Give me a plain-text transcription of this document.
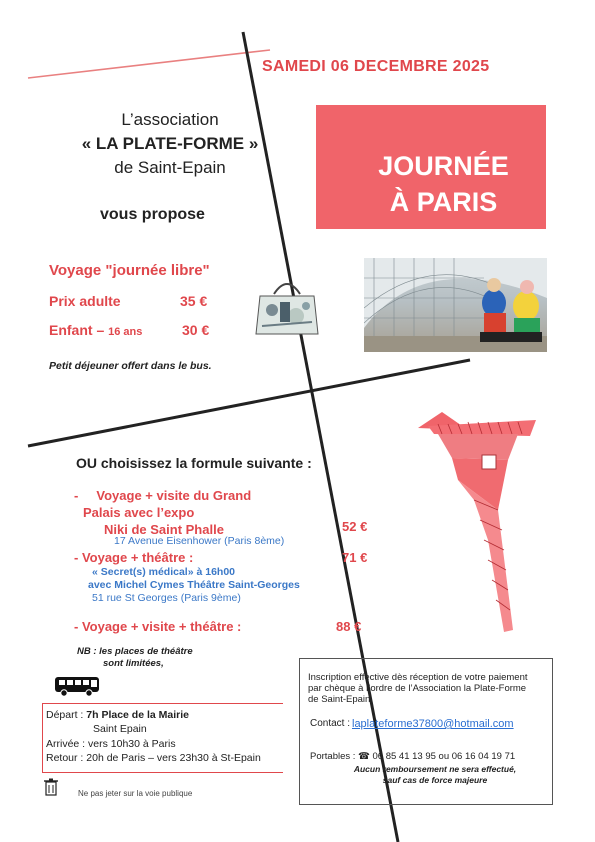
SAMEDI 06 DECEMBRE 2025
L’association
« LA PLATE-FORME »
de Saint-Epain
vous propose
JOURNÉE
À PARIS
Voyage "journée libre"
Prix adulte	35 €
Enfant – 16 ans	30 €
Petit déjeuner offert dans le bus.
OU choisissez la formule suivante :
- Voyage + visite du Grand
Palais avec l’expo
Niki de Saint Phalle	52 €
17 Avenue Eisenhower (Paris 8ème)
- Voyage + théâtre :	71 €
« Secret(s) médical» à 16h00
avec Michel Cymes Théâtre Saint-Georges
51 rue St Georges (Paris 9ème)
- Voyage + visite + théâtre :	88 €
NB : les places de théâtre
sont limitées,
Départ : 7h Place de la Mairie
Saint Epain
Arrivée : vers 10h30 à Paris
Retour : 20h de Paris – vers 23h30 à St-Epain
Ne pas jeter sur la voie publique
Inscription effective dès réception de votre paiement
par chèque à l’ordre de l’Association la Plate-Forme
de Saint-Epain
Contact : laplateforme37800@hotmail.com
Portables : ☎ 06 85 41 13 95 ou 06 16 04 19 71
Aucun remboursement ne sera effectué,
sauf cas de force majeure
